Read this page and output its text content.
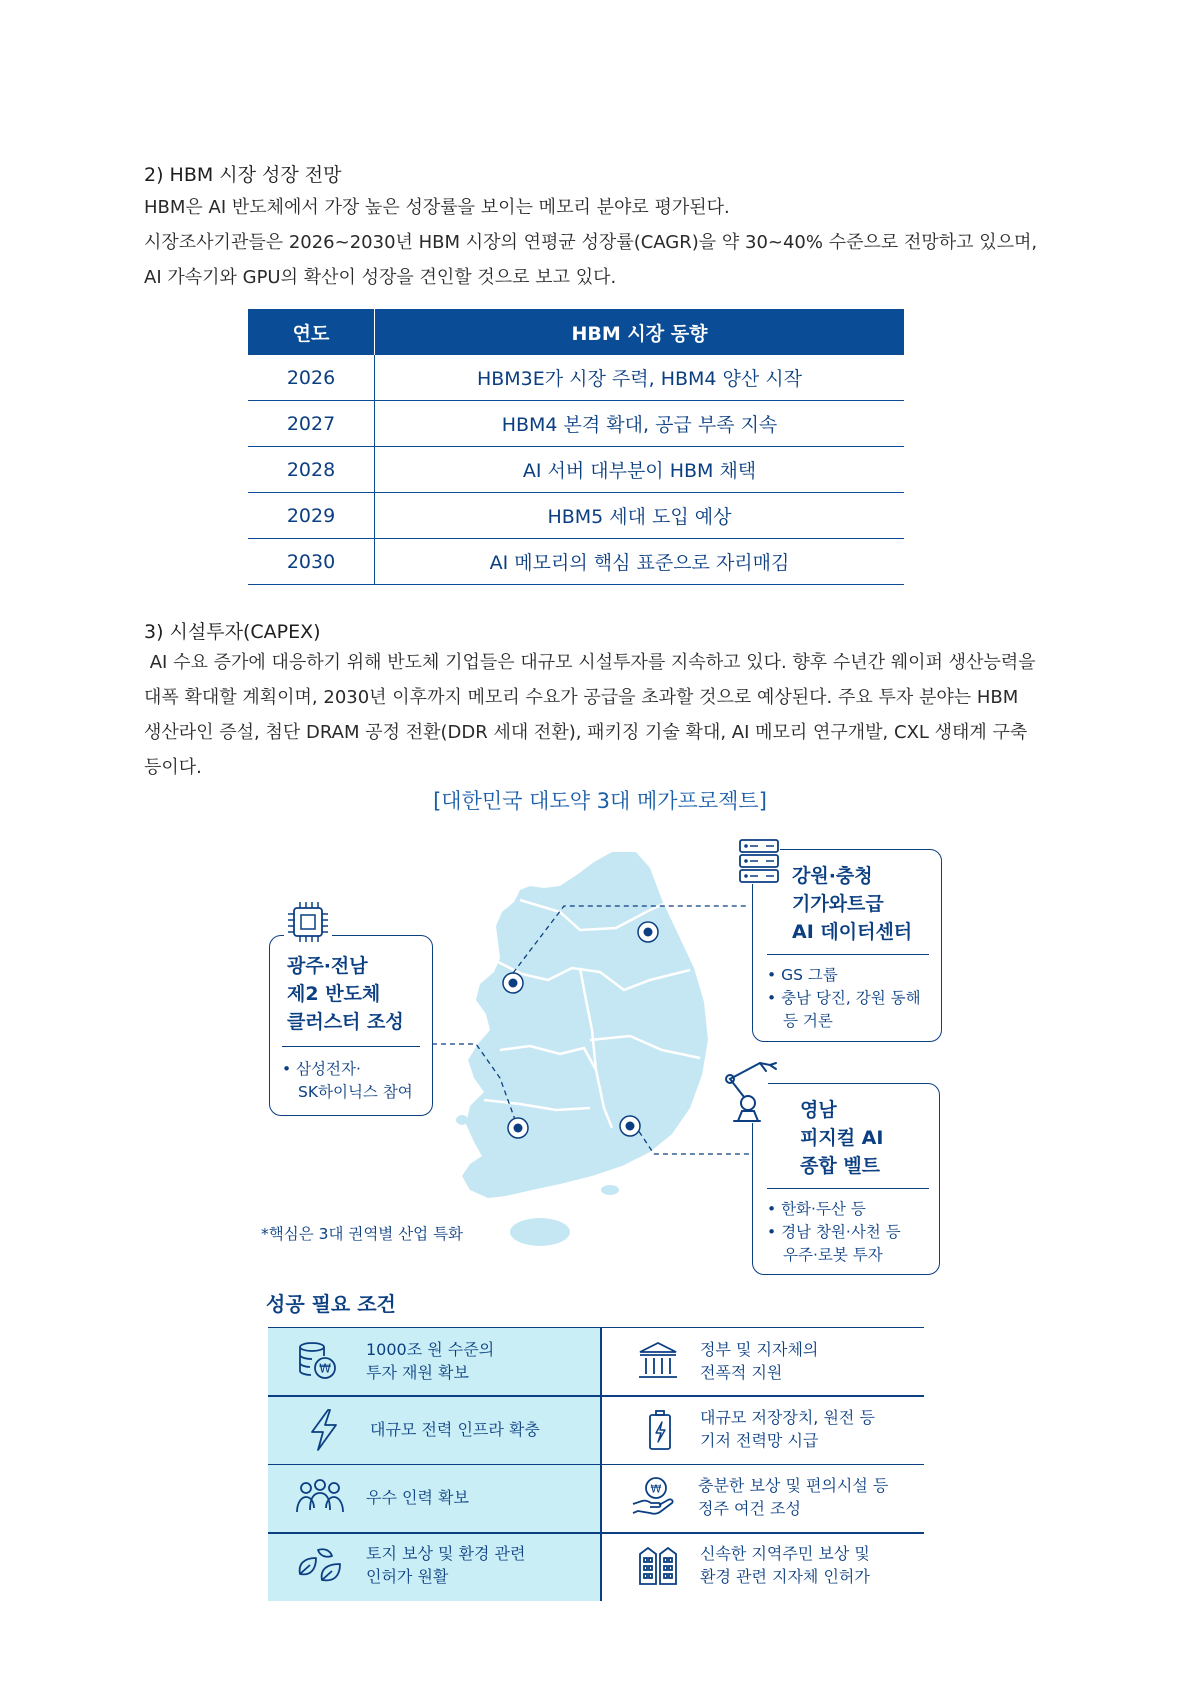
2) HBM 시장 성장 전망

HBM은 AI 반도체에서 가장 높은 성장률을 보이는 메모리 분야로 평가된다.

시장조사기관들은 2026~2030년 HBM 시장의 연평균 성장률(CAGR)을 약 30~40% 수준으로 전망하고 있으며,

AI 가속기와 GPU의 확산이 성장을 견인할 것으로 보고 있다.

연도	HBM 시장 동향
2026	HBM3E가 시장 주력, HBM4 양산 시작
2027	HBM4 본격 확대, 공급 부족 지속
2028	AI 서버 대부분이 HBM 채택
2029	HBM5 세대 도입 예상
2030	AI 메모리의 핵심 표준으로 자리매김
3) 시설투자(CAPEX)

AI 수요 증가에 대응하기 위해 반도체 기업들은 대규모 시설투자를 지속하고 있다. 향후 수년간 웨이퍼 생산능력을

대폭 확대할 계획이며, 2030년 이후까지 메모리 수요가 공급을 초과할 것으로 예상된다. 주요 투자 분야는 HBM

생산라인 증설, 첨단 DRAM 공정 전환(DDR 세대 전환), 패키징 기술 확대, AI 메모리 연구개발, CXL 생태계 구축

등이다.

[대한민국 대도약 3대 메가프로젝트]
광주·전남
제2 반도체
클러스터 조성
• 삼성전자·
SK하이닉스 참여
강원·충청
기가와트급
AI 데이터센터
• GS 그룹
• 충남 당진, 강원 동해
등 거론
영남
피지컬 AI
종합 벨트
• 한화·두산 등
• 경남 창원·사천 등
우주·로봇 투자
*핵심은 3대 권역별 산업 특화
성공 필요 조건
₩
1000조 원 수준의
투자 재원 확보
정부 및 지자체의
전폭적 지원
대규모 전력 인프라 확충
대규모 저장장치, 원전 등
기저 전력망 시급
우수 인력 확보	₩ 충분한 보상 및 편의시설 등
정주 여건 조성
토지 보상 및 환경 관련
인허가 원활
신속한 지역주민 보상 및
환경 관련 지자체 인허가
